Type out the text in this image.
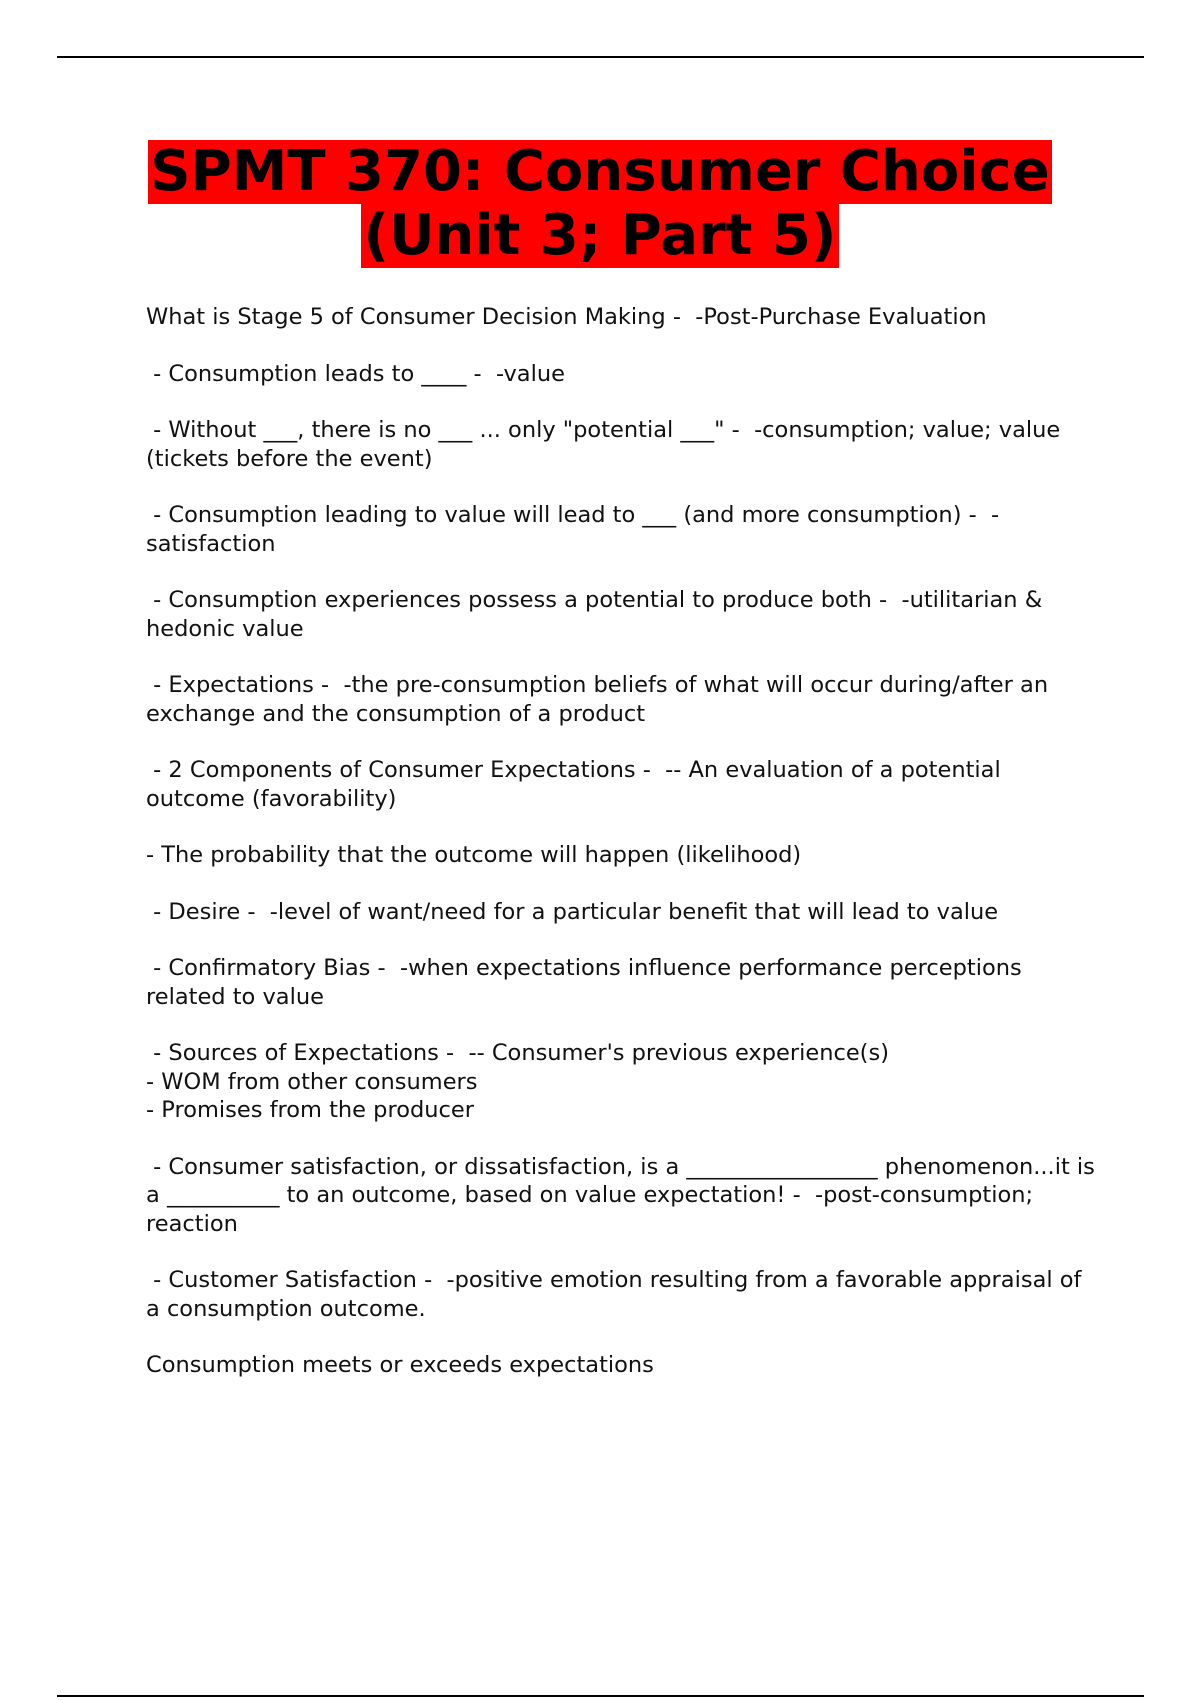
SPMT 370: Consumer Choice
(Unit 3; Part 5)

What is Stage 5 of Consumer Decision Making -  -Post-Purchase Evaluation

- Consumption leads to ____ -  -value

- Without ___, there is no ___ ... only "potential ___" -  -consumption; value; value (tickets before the event)

- Consumption leading to value will lead to ___ (and more consumption) -  -satisfaction

- Consumption experiences possess a potential to produce both -  -utilitarian & hedonic value

- Expectations -  -the pre-consumption beliefs of what will occur during/after an exchange and the consumption of a product

- 2 Components of Consumer Expectations -  -- An evaluation of a potential outcome (favorability)

- The probability that the outcome will happen (likelihood)

- Desire -  -level of want/need for a particular benefit that will lead to value

- Confirmatory Bias -  -when expectations influence performance perceptions related to value

- Sources of Expectations -  -- Consumer's previous experience(s)
- WOM from other consumers
- Promises from the producer

- Consumer satisfaction, or dissatisfaction, is a _________________ phenomenon...it is a __________ to an outcome, based on value expectation! -  -post-consumption; reaction

- Customer Satisfaction -  -positive emotion resulting from a favorable appraisal of a consumption outcome.

Consumption meets or exceeds expectations
